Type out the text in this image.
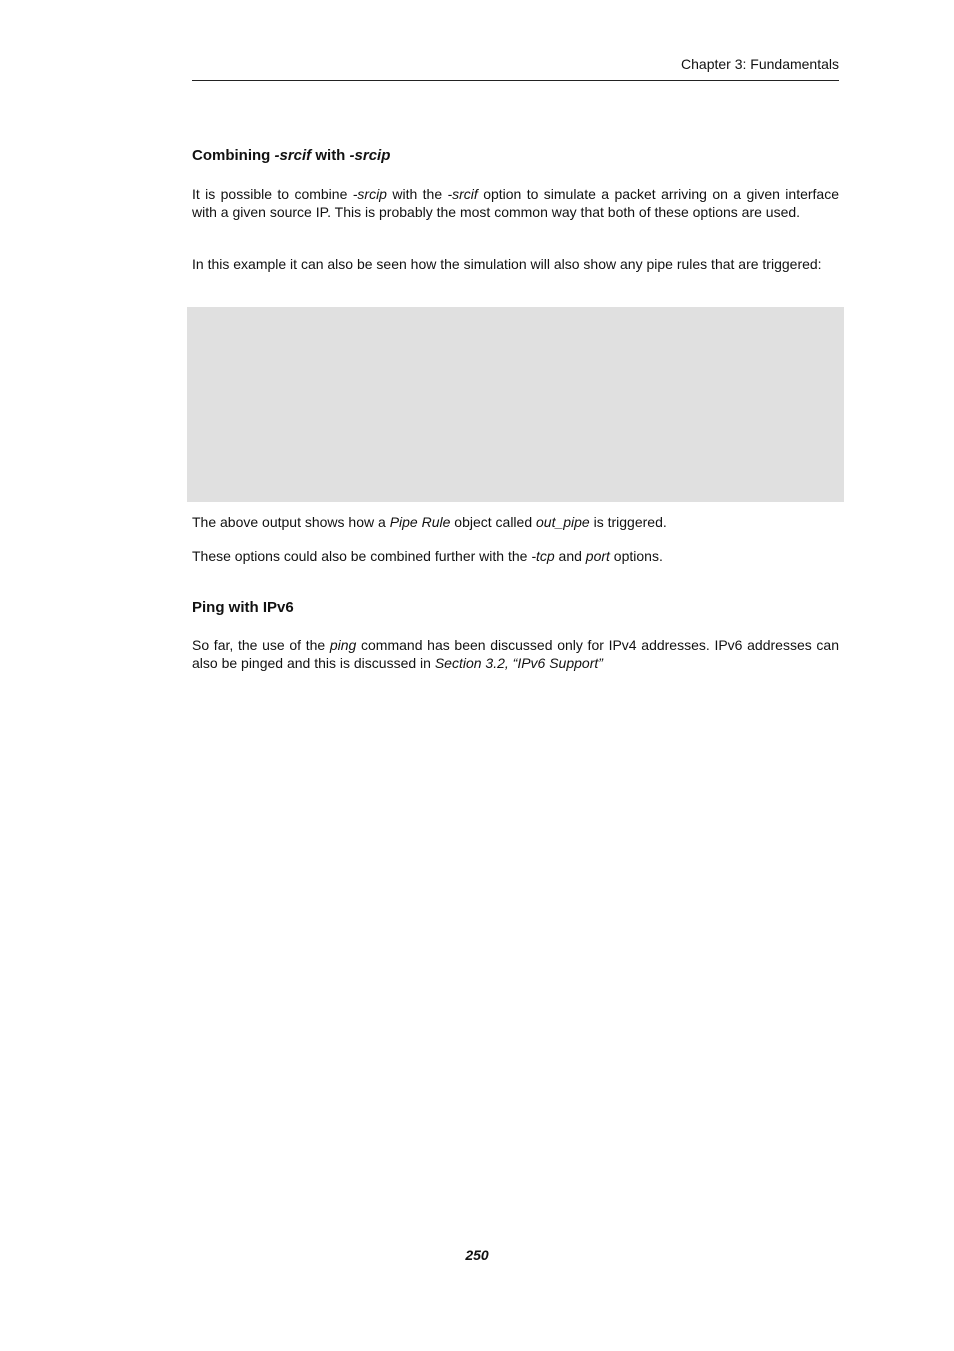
Chapter 3: Fundamentals
Combining -srcif with -srcip
It is possible to combine -srcip with the -srcif option to simulate a packet arriving on a given interface with a given source IP. This is probably the most common way that both of these options are used.
In this example it can also be seen how the simulation will also show any pipe rules that are triggered:
The above output shows how a Pipe Rule object called out_pipe is triggered.
These options could also be combined further with the -tcp and port options.
Ping with IPv6
So far, the use of the ping command has been discussed only for IPv4 addresses. IPv6 addresses can also be pinged and this is discussed in Section 3.2, “IPv6 Support”
250
